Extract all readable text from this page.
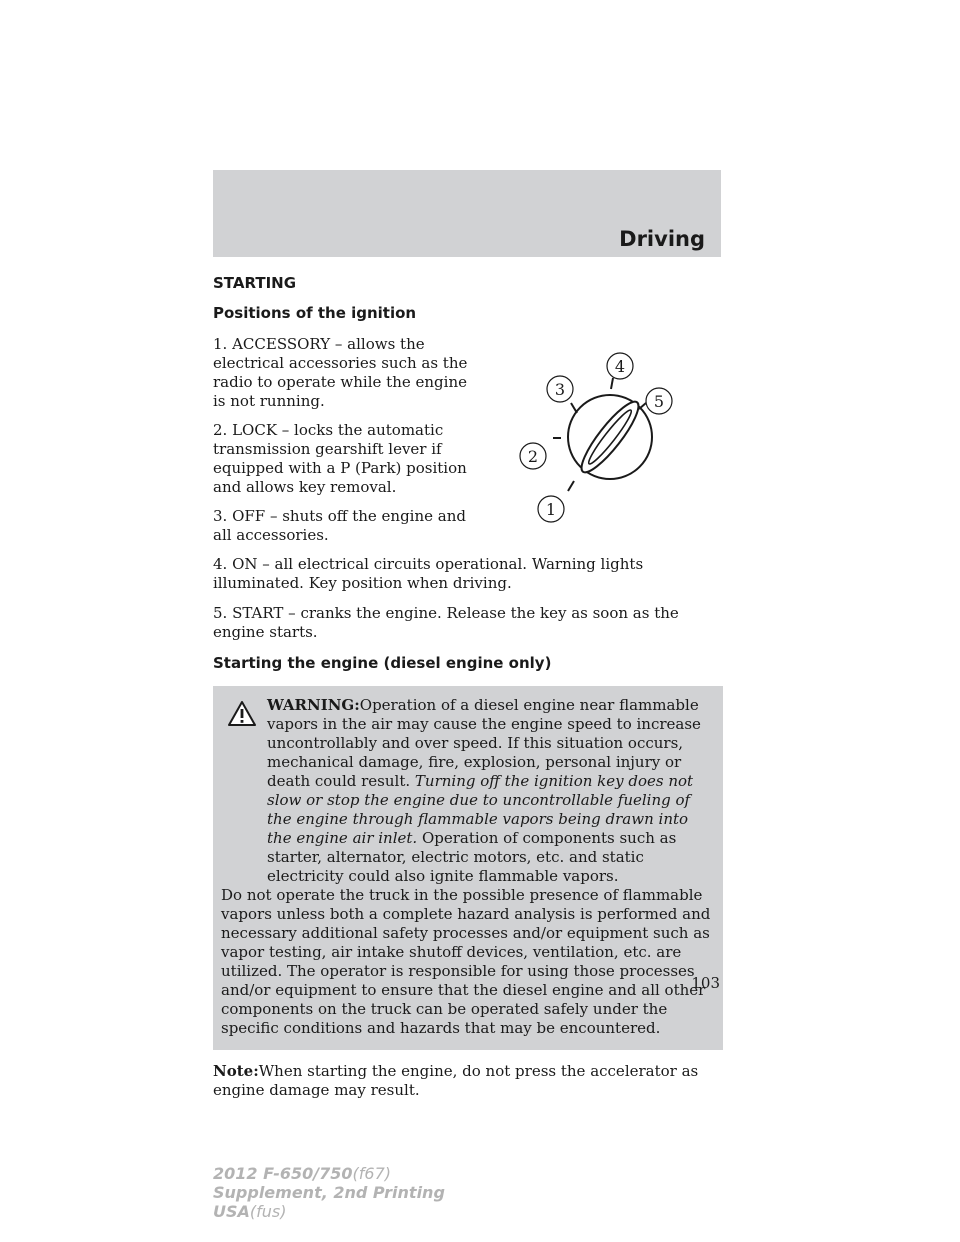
Driving
STARTING
Positions of the ignition

1. ACCESSORY – allows the electrical accessories such as the radio to operate while the engine is not running.

2. LOCK – locks the automatic transmission gearshift lever if equipped with a P (Park) position and allows key removal.

3. OFF – shuts off the engine and all accessories.

1
2
3
4
5

4. ON – all electrical circuits operational. Warning lights illuminated. Key position when driving.

5. START – cranks the engine. Release the key as soon as the engine starts.

Starting the engine (diesel engine only)
WARNING:Operation of a diesel engine near flammable vapors in the air may cause the engine speed to increase uncontrollably and over speed. If this situation occurs, mechanical damage, fire, explosion, personal injury or death could result. Turning off the ignition key does not slow or stop the engine due to uncontrollable fueling of the engine through flammable vapors being drawn into the engine air inlet. Operation of components such as starter, alternator, electric motors, etc. and static electricity could also ignite flammable vapors.

Do not operate the truck in the possible presence of flammable vapors unless both a complete hazard analysis is performed and necessary additional safety processes and/or equipment such as vapor testing, air intake shutoff devices, ventilation, etc. are utilized. The operator is responsible for using those processes and/or equipment to ensure that the diesel engine and all other components on the truck can be operated safely under the specific conditions and hazards that may be encountered.

Note:When starting the engine, do not press the accelerator as engine damage may result.

103
2012 F-650/750(f67)
Supplement, 2nd Printing
USA(fus)
